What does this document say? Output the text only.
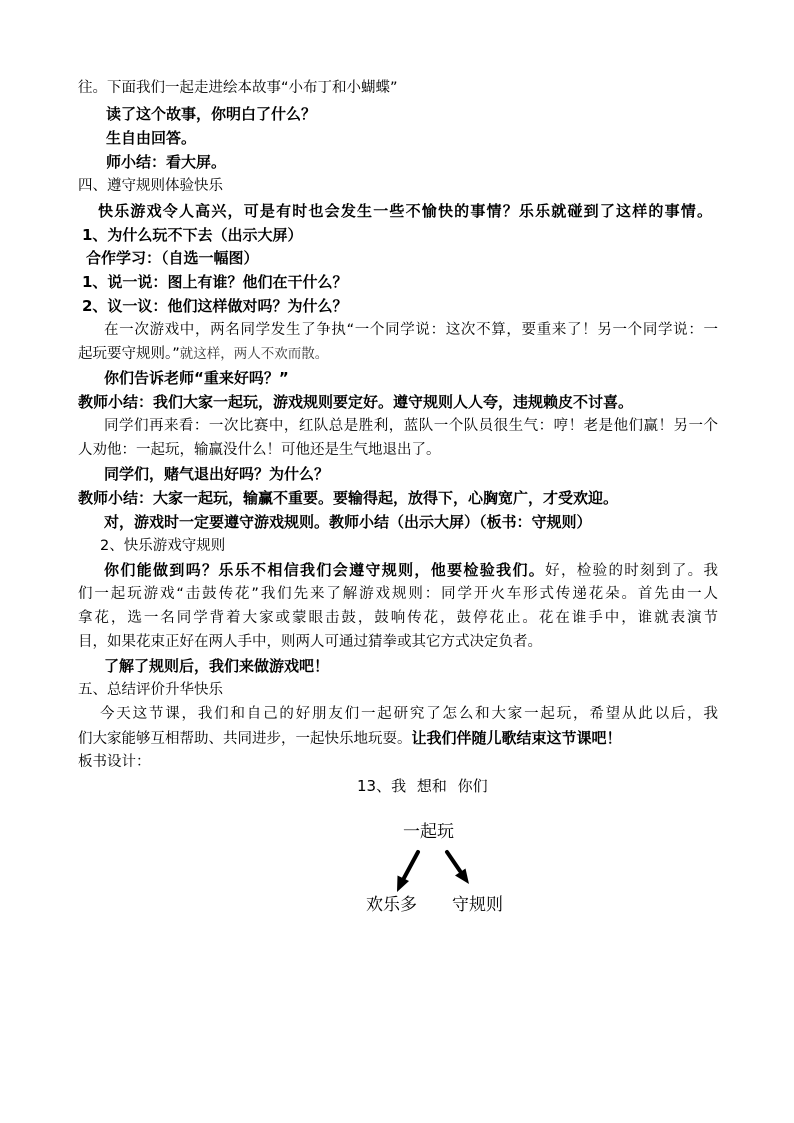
往。下面我们一起走进绘本故事“小布丁和小蝴蝶”
读了这个故事，你明白了什么？
生自由回答。
师小结：看大屏。
四、遵守规则体验快乐
快乐游戏令人高兴，可是有时也会发生一些不愉快的事情？乐乐就碰到了这样的事情。
1、为什么玩不下去（出示大屏）
合作学习：（自选一幅图）
1、说一说：图上有谁？他们在干什么？
2、议一议：他们这样做对吗？为什么？
在一次游戏中，两名同学发生了争执“一个同学说：这次不算，要重来了！另一个同学说：一
起玩要守规则。”就这样，两人不欢而散。
你们告诉老师“重来好吗？”
教师小结：我们大家一起玩，游戏规则要定好。遵守规则人人夸，违规赖皮不讨喜。
同学们再来看：一次比赛中，红队总是胜利，蓝队一个队员很生气：哼！老是他们赢！另一个
人劝他：一起玩，输赢没什么！可他还是生气地退出了。
同学们，赌气退出好吗？为什么？
教师小结：大家一起玩，输赢不重要。要输得起，放得下，心胸宽广，才受欢迎。
对，游戏时一定要遵守游戏规则。教师小结（出示大屏）（板书：守规则）
2、快乐游戏守规则
你们能做到吗？乐乐不相信我们会遵守规则，他要检验我们。好，检验的时刻到了。我
们一起玩游戏“击鼓传花”我们先来了解游戏规则：同学开火车形式传递花朵。首先由一人
拿花，选一名同学背着大家或蒙眼击鼓，鼓响传花，鼓停花止。花在谁手中，谁就表演节
目，如果花束正好在两人手中，则两人可通过猜拳或其它方式决定负者。
了解了规则后，我们来做游戏吧！
五、总结评价升华快乐
今天这节课，我们和自己的好朋友们一起研究了怎么和大家一起玩，希望从此以后，我
们大家能够互相帮助、共同进步，一起快乐地玩耍。让我们伴随儿歌结束这节课吧！
板书设计：
13、我 想和 你们
一起玩
欢乐多 守规则
